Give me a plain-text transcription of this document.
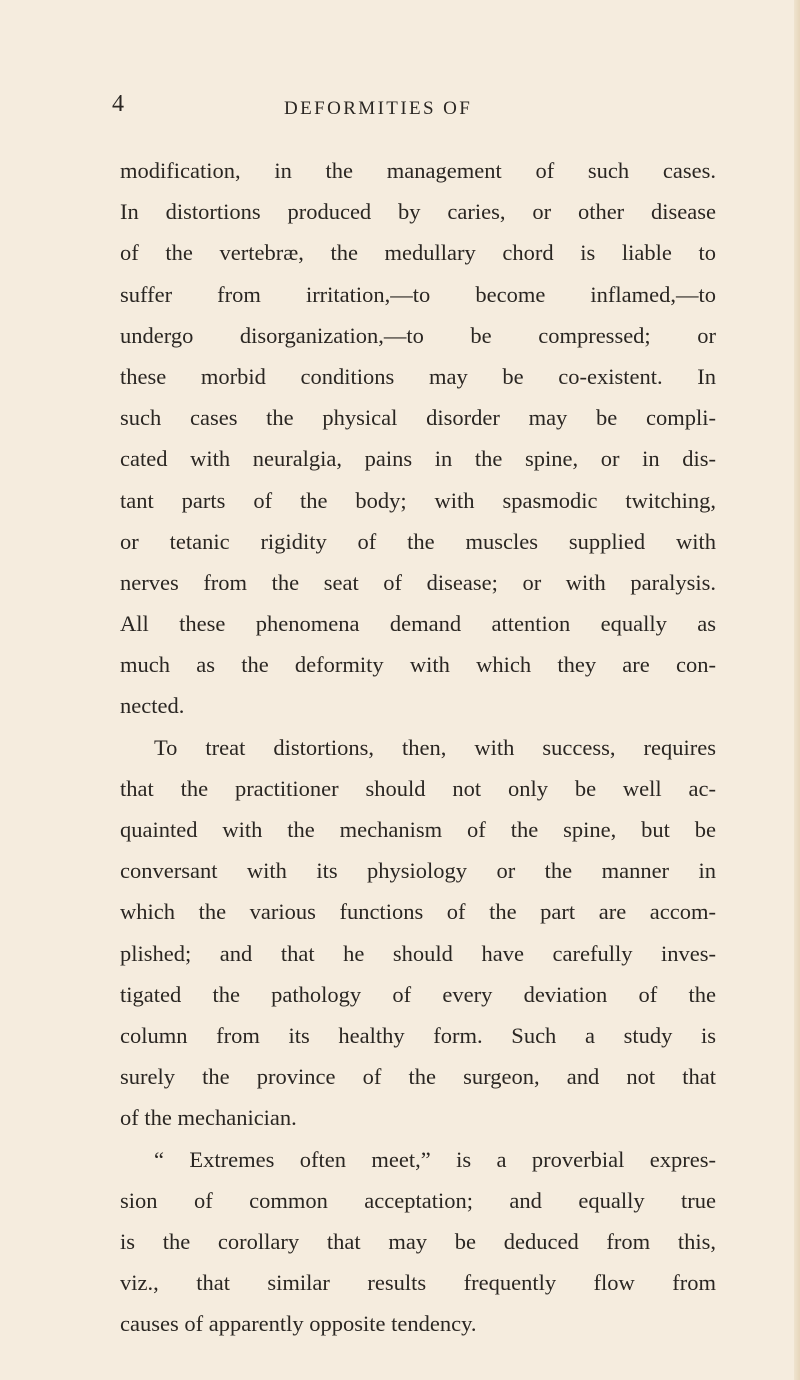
4	DEFORMITIES OF
modification, in the management of such cases.
In distortions produced by caries, or other disease
of the vertebræ, the medullary chord is liable to
suffer from irritation,—to become inflamed,—to
undergo disorganization,—to be compressed; or
these morbid conditions may be co-existent. In
such cases the physical disorder may be compli-
cated with neuralgia, pains in the spine, or in dis-
tant parts of the body; with spasmodic twitching,
or tetanic rigidity of the muscles supplied with
nerves from the seat of disease; or with paralysis.
All these phenomena demand attention equally as
much as the deformity with which they are con-
nected.
To treat distortions, then, with success, requires
that the practitioner should not only be well ac-
quainted with the mechanism of the spine, but be
conversant with its physiology or the manner in
which the various functions of the part are accom-
plished; and that he should have carefully inves-
tigated the pathology of every deviation of the
column from its healthy form. Such a study is
surely the province of the surgeon, and not that
of the mechanician.
“ Extremes often meet,” is a proverbial expres-
sion of common acceptation; and equally true
is the corollary that may be deduced from this,
viz., that similar results frequently flow from
causes of apparently opposite tendency.
